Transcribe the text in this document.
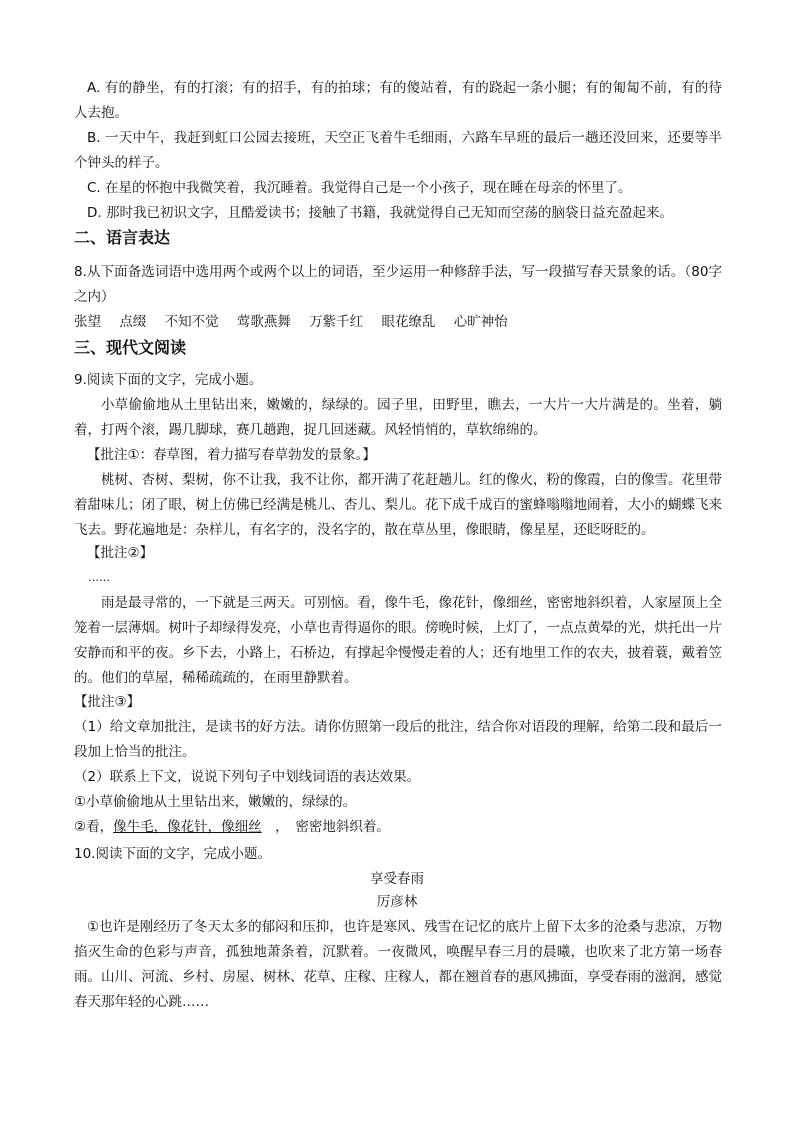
A. 有的静坐，有的打滚；有的招手，有的拍球；有的傻站着，有的跷起一条小腿；有的匍匐不前，有的待人去抱。
B. 一天中午，我赶到虹口公园去接班，天空正飞着牛毛细雨，六路车早班的最后一趟还没回来，还要等半个钟头的样子。
C. 在星的怀抱中我微笑着，我沉睡着。我觉得自己是一个小孩子，现在睡在母亲的怀里了。
D. 那时我已初识文字，且酷爱读书；接触了书籍，我就觉得自己无知而空荡的脑袋日益充盈起来。
二、语言表达
8.从下面备选词语中选用两个或两个以上的词语，至少运用一种修辞手法，写一段描写春天景象的话。（80字之内）
张望 点缀 不知不觉 莺歌燕舞 万紫千红 眼花缭乱 心旷神怡
三、现代文阅读
9.阅读下面的文字，完成小题。
小草偷偷地从土里钻出来，嫩嫩的，绿绿的。园子里，田野里，瞧去，一大片一大片满是的。坐着，躺着，打两个滚，踢几脚球，赛几趟跑，捉几回迷藏。风轻悄悄的，草软绵绵的。
【批注①：春草图，着力描写春草勃发的景象。】
桃树、杏树、梨树，你不让我，我不让你，都开满了花赶趟儿。红的像火，粉的像霞，白的像雪。花里带着甜味儿；闭了眼，树上仿佛已经满是桃儿、杏儿、梨儿。花下成千成百的蜜蜂嗡嗡地闹着，大小的蝴蝶飞来飞去。野花遍地是：杂样儿，有名字的，没名字的，散在草丛里，像眼睛，像星星，还眨呀眨的。
【批注②】
……
雨是最寻常的，一下就是三两天。可别恼。看，像牛毛，像花针，像细丝，密密地斜织着，人家屋顶上全笼着一层薄烟。树叶子却绿得发亮，小草也青得逼你的眼。傍晚时候，上灯了，一点点黄晕的光，烘托出一片安静而和平的夜。乡下去，小路上，石桥边，有撑起伞慢慢走着的人；还有地里工作的农夫，披着蓑，戴着笠的。他们的草屋，稀稀疏疏的，在雨里静默着。
【批注③】
（1）给文章加批注，是读书的好方法。请你仿照第一段后的批注，结合你对语段的理解，给第二段和最后一段加上恰当的批注。
（2）联系上下文，说说下列句子中划线词语的表达效果。
①小草偷偷地从土里钻出来，嫩嫩的，绿绿的。
②看，像牛毛，像花针，像细丝　，　密密地斜织着。
10.阅读下面的文字，完成小题。
享受春雨
厉彦林
①也许是刚经历了冬天太多的郁闷和压抑，也许是寒风、残雪在记忆的底片上留下太多的沧桑与悲凉，万物掐灭生命的色彩与声音，孤独地萧条着，沉默着。一夜微风，唤醒早春三月的晨曦，也吹来了北方第一场春雨。山川、河流、乡村、房屋、树林、花草、庄稼、庄稼人，都在翘首春的惠风拂面，享受春雨的滋润，感觉春天那年轻的心跳……
